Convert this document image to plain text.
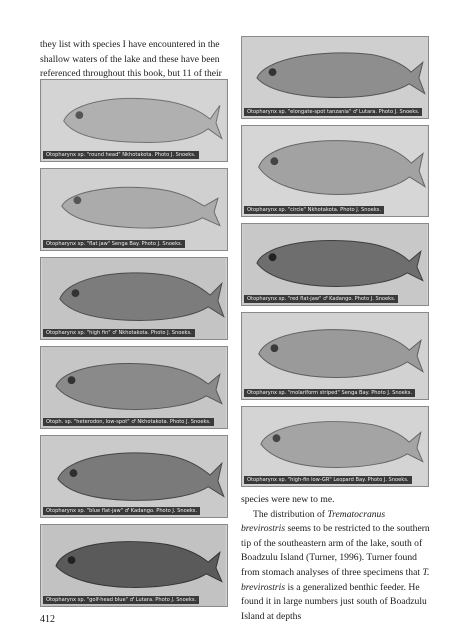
they list with species I have encountered in the shallow waters of the lake and these have been referenced throughout this book, but 11 of their
Otopharynx sp. "round head" Nkhotakota. Photo J. Snoeks.
Otopharynx sp. "flat jaw" Senga Bay. Photo J. Snoeks.
Otopharynx sp. "high fin" ♂ Nkhotakota. Photo J. Snoeks.
Otoph. sp. "heterodon, low-spot" ♂ Nkhotakota. Photo J. Snoeks.
Otopharynx sp. "blue flat-jaw" ♂ Kadango. Photo J. Snoeks.
Otopharynx sp. "golf-head blue" ♂ Lutara. Photo J. Snoeks.
Otopharynx sp. "elongate-spot tanzania" ♂ Lutara. Photo J. Snoeks.
Otopharynx sp. "circle" Nkhotakota. Photo J. Snoeks.
Otopharynx sp. "red flat-jaw" ♂ Kadango. Photo J. Snoeks.
Otopharynx sp. "molariform striped" Senga Bay. Photo J. Snoeks.
Otopharynx sp. "high-fin low-GR" Leopard Bay. Photo J. Snoeks.

species were new to me.

The distribution of Trematocranus brevirostris seems to be restricted to the southern tip of the southeastern arm of the lake, south of Boadzulu Island (Turner, 1996). Turner found from stomach analyses of three specimens that T. brevirostris is a generalized benthic feeder. He found it in large numbers just south of Boadzulu Island at depths

412
